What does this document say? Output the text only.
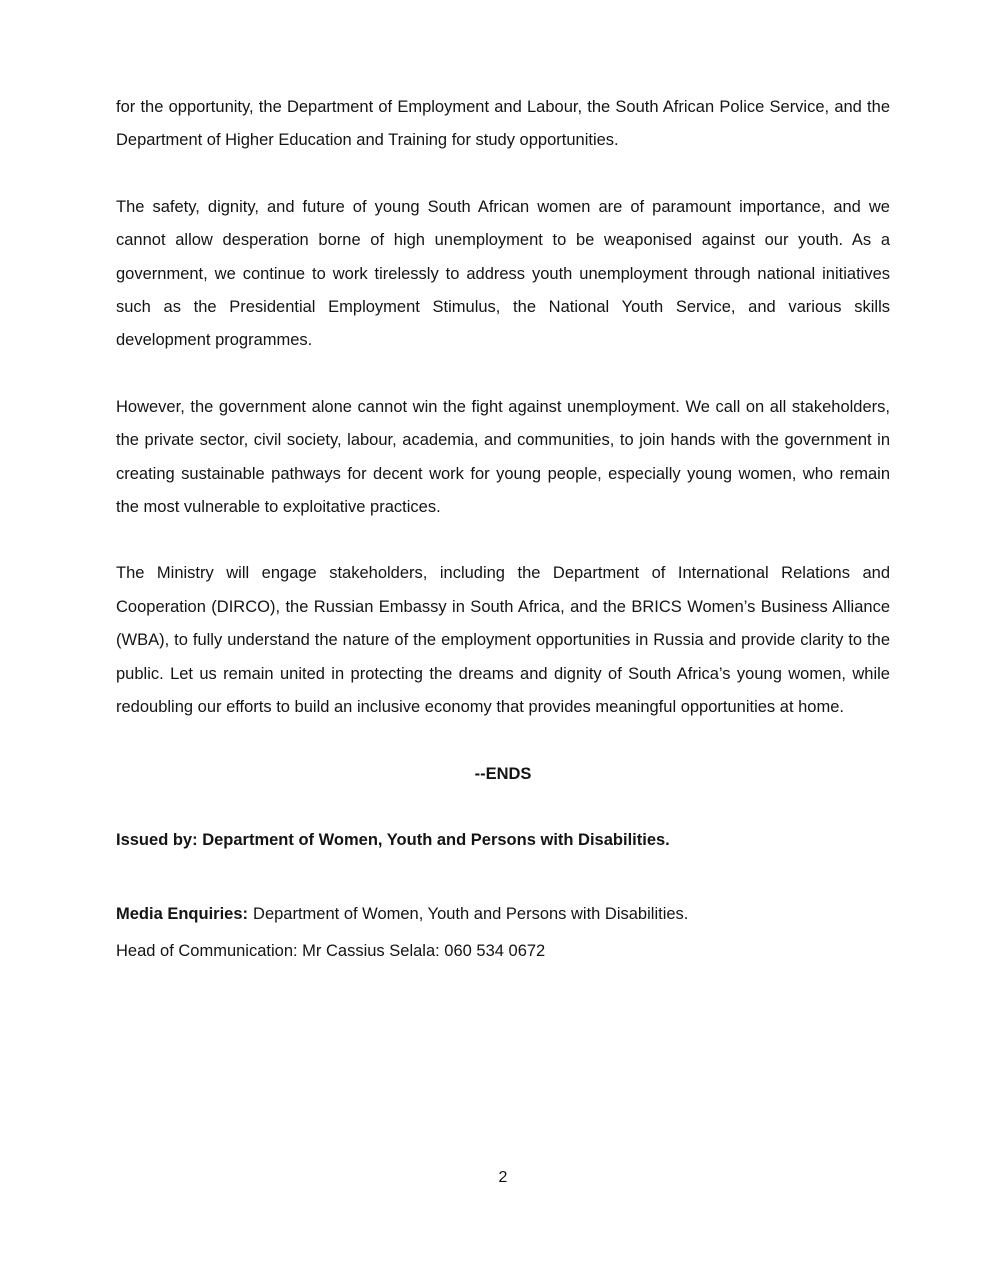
for the opportunity, the Department of Employment and Labour, the South African Police Service, and the Department of Higher Education and Training for study opportunities.

The safety, dignity, and future of young South African women are of paramount importance, and we cannot allow desperation borne of high unemployment to be weaponised against our youth. As a government, we continue to work tirelessly to address youth unemployment through national initiatives such as the Presidential Employment Stimulus, the National Youth Service, and various skills development programmes.

However, the government alone cannot win the fight against unemployment. We call on all stakeholders, the private sector, civil society, labour, academia, and communities, to join hands with the government in creating sustainable pathways for decent work for young people, especially young women, who remain the most vulnerable to exploitative practices.

The Ministry will engage stakeholders, including the Department of International Relations and Cooperation (DIRCO), the Russian Embassy in South Africa, and the BRICS Women’s Business Alliance (WBA), to fully understand the nature of the employment opportunities in Russia and provide clarity to the public. Let us remain united in protecting the dreams and dignity of South Africa’s young women, while redoubling our efforts to build an inclusive economy that provides meaningful opportunities at home.

--ENDS

Issued by: Department of Women, Youth and Persons with Disabilities.

Media Enquiries: Department of Women, Youth and Persons with Disabilities.

Head of Communication: Mr Cassius Selala: 060 534 0672

2
